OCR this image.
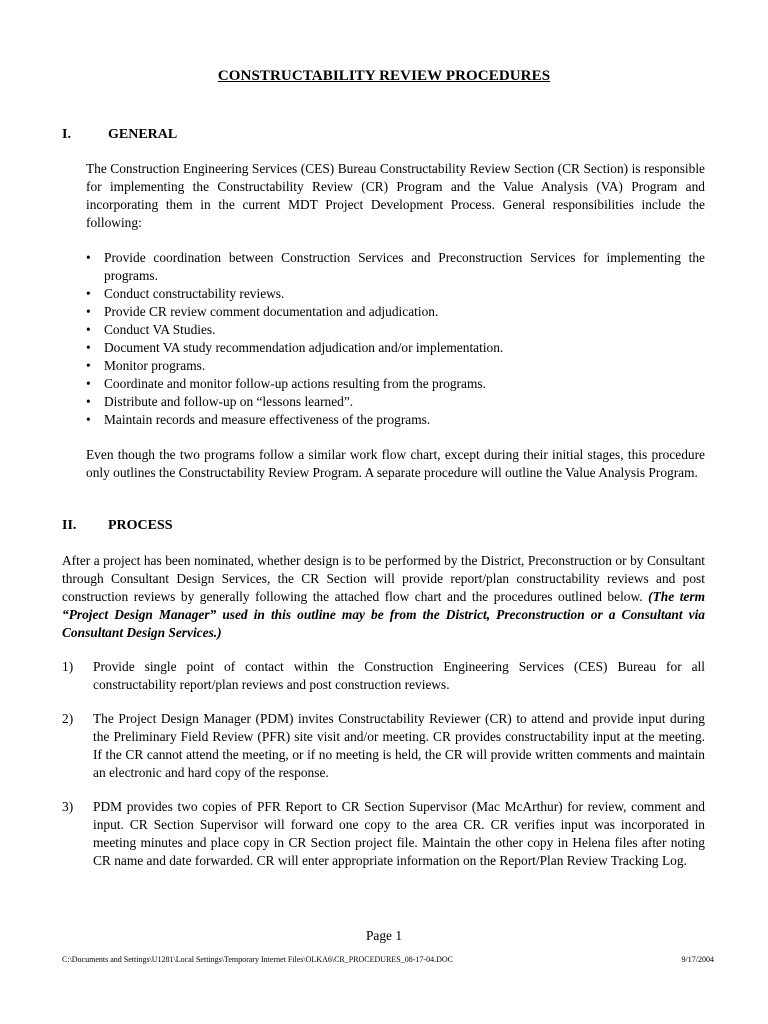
CONSTRUCTABILITY REVIEW PROCEDURES
I.	GENERAL

The Construction Engineering Services (CES) Bureau Constructability Review Section (CR Section) is responsible for implementing the Constructability Review (CR) Program and the Value Analysis (VA) Program and incorporating them in the current MDT Project Development Process. General responsibilities include the following:

• Provide coordination between Construction Services and Preconstruction Services for implementing the programs.
• Conduct constructability reviews.
• Provide CR review comment documentation and adjudication.
• Conduct VA Studies.
• Document VA study recommendation adjudication and/or implementation.
• Monitor programs.
• Coordinate and monitor follow-up actions resulting from the programs.
• Distribute and follow-up on “lessons learned”.
• Maintain records and measure effectiveness of the programs.

Even though the two programs follow a similar work flow chart, except during their initial stages, this procedure only outlines the Constructability Review Program. A separate procedure will outline the Value Analysis Program.

II. PROCESS

After a project has been nominated, whether design is to be performed by the District, Preconstruction or by Consultant through Consultant Design Services, the CR Section will provide report/plan constructability reviews and post construction reviews by generally following the attached flow chart and the procedures outlined below. (The term “Project Design Manager” used in this outline may be from the District, Preconstruction or a Consultant via Consultant Design Services.)

1) Provide single point of contact within the Construction Engineering Services (CES) Bureau for all constructability report/plan reviews and post construction reviews.
2) The Project Design Manager (PDM) invites Constructability Reviewer (CR) to attend and provide input during the Preliminary Field Review (PFR) site visit and/or meeting. CR provides constructability input at the meeting. If the CR cannot attend the meeting, or if no meeting is held, the CR will provide written comments and maintain an electronic and hard copy of the response.
3) PDM provides two copies of PFR Report to CR Section Supervisor (Mac McArthur) for review, comment and input. CR Section Supervisor will forward one copy to the area CR. CR verifies input was incorporated in meeting minutes and place copy in CR Section project file. Maintain the other copy in Helena files after noting CR name and date forwarded. CR will enter appropriate information on the Report/Plan Review Tracking Log.
Page 1
C:\Documents and Settings\U1281\Local Settings\Temporary Internet Files\OLKA6\CR_PROCEDURES_08-17-04.DOC	9/17/2004
